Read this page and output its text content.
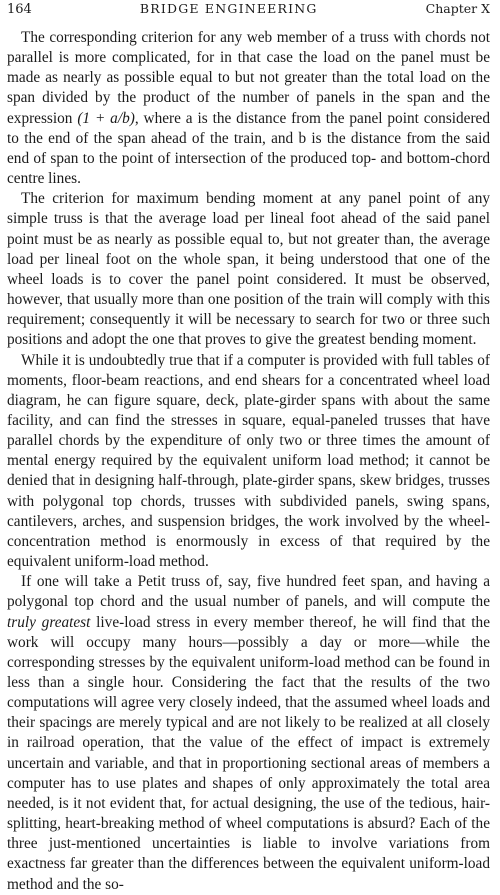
164	BRIDGE ENGINEERING	Chapter X

The corresponding criterion for any web member of a truss with chords not parallel is more complicated, for in that case the load on the panel must be made as nearly as possible equal to but not greater than the total load on the span divided by the product of the number of panels in the span and the expression (1 + a/b), where a is the distance from the panel point considered to the end of the span ahead of the train, and b is the distance from the said end of span to the point of intersection of the produced top- and bottom-chord centre lines.

The criterion for maximum bending moment at any panel point of any simple truss is that the average load per lineal foot ahead of the said panel point must be as nearly as possible equal to, but not greater than, the average load per lineal foot on the whole span, it being understood that one of the wheel loads is to cover the panel point considered. It must be observed, however, that usually more than one position of the train will comply with this requirement; consequently it will be necessary to search for two or three such positions and adopt the one that proves to give the greatest bending moment.

While it is undoubtedly true that if a computer is provided with full tables of moments, floor-beam reactions, and end shears for a concentrated wheel load diagram, he can figure square, deck, plate-girder spans with about the same facility, and can find the stresses in square, equal-paneled trusses that have parallel chords by the expenditure of only two or three times the amount of mental energy required by the equivalent uniform load method; it cannot be denied that in designing half-through, plate-girder spans, skew bridges, trusses with polygonal top chords, trusses with subdivided panels, swing spans, cantilevers, arches, and suspension bridges, the work involved by the wheel-concentration method is enormously in excess of that required by the equivalent uniform-load method.

If one will take a Petit truss of, say, five hundred feet span, and having a polygonal top chord and the usual number of panels, and will compute the truly greatest live-load stress in every member thereof, he will find that the work will occupy many hours—possibly a day or more—while the corresponding stresses by the equivalent uniform-load method can be found in less than a single hour. Considering the fact that the results of the two computations will agree very closely indeed, that the assumed wheel loads and their spacings are merely typical and are not likely to be realized at all closely in railroad operation, that the value of the effect of impact is extremely uncertain and variable, and that in proportioning sectional areas of members a computer has to use plates and shapes of only approximately the total area needed, is it not evident that, for actual designing, the use of the tedious, hair-splitting, heart-breaking method of wheel computations is absurd? Each of the three just-mentioned uncertainties is liable to involve variations from exactness far greater than the differences between the equivalent uniform-load method and the so-
